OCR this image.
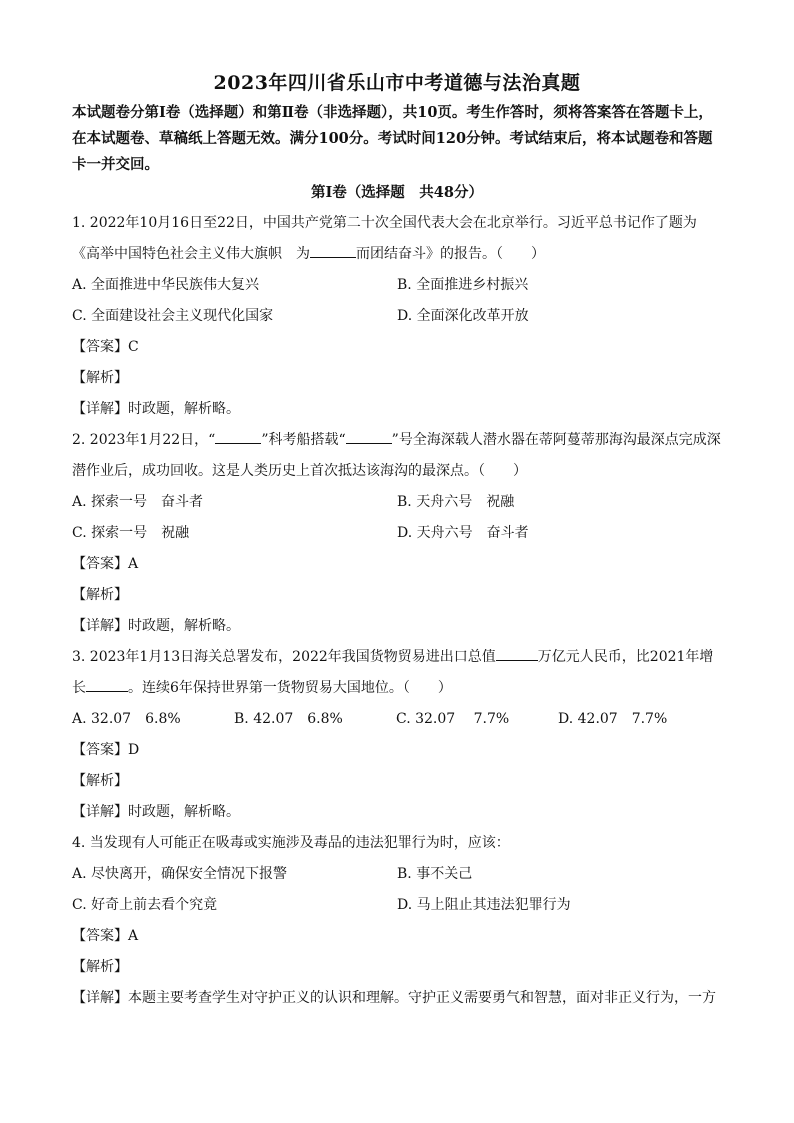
2023年四川省乐山市中考道德与法治真题

本试题卷分第Ⅰ卷（选择题）和第Ⅱ卷（非选择题），共10页。考生作答时，须将答案答在答题卡上，在本试题卷、草稿纸上答题无效。满分100分。考试时间120分钟。考试结束后，将本试题卷和答题卡一并交回。

第Ⅰ卷（选择题　共48分）

1. 2022年10月16日至22日，中国共产党第二十次全国代表大会在北京举行。习近平总书记作了题为《高举中国特色社会主义伟大旗帜　为	而团结奋斗》的报告。（　　）

A. 全面推进中华民族伟大复兴	B. 全面推进乡村振兴
C. 全面建设社会主义现代化国家	D. 全面深化改革开放

【答案】C

【解析】

【详解】时政题，解析略。

2. 2023年1月22日，“	”科考船搭载“	”号全海深载人潜水器在蒂阿蔓蒂那海沟最深点完成深潜作业后，成功回收。这是人类历史上首次抵达该海沟的最深点。（　　）

A. 探索一号　奋斗者	B. 天舟六号　祝融
C. 探索一号　祝融	D. 天舟六号　奋斗者

【答案】A

【解析】

【详解】时政题，解析略。

3. 2023年1月13日海关总署发布，2022年我国货物贸易进出口总值	万亿元人民币，比2021年增长	。连续6年保持世界第一货物贸易大国地位。（　　）

A. 32.07　6.8%	B. 42.07　6.8%	C. 32.07　 7.7%	D. 42.07　7.7%

【答案】D

【解析】

【详解】时政题，解析略。

4. 当发现有人可能正在吸毒或实施涉及毒品的违法犯罪行为时，应该：

A. 尽快离开，确保安全情况下报警	B. 事不关己
C. 好奇上前去看个究竟	D. 马上阻止其违法犯罪行为

【答案】A

【解析】

【详解】本题主要考查学生对守护正义的认识和理解。守护正义需要勇气和智慧，面对非正义行为，一方
